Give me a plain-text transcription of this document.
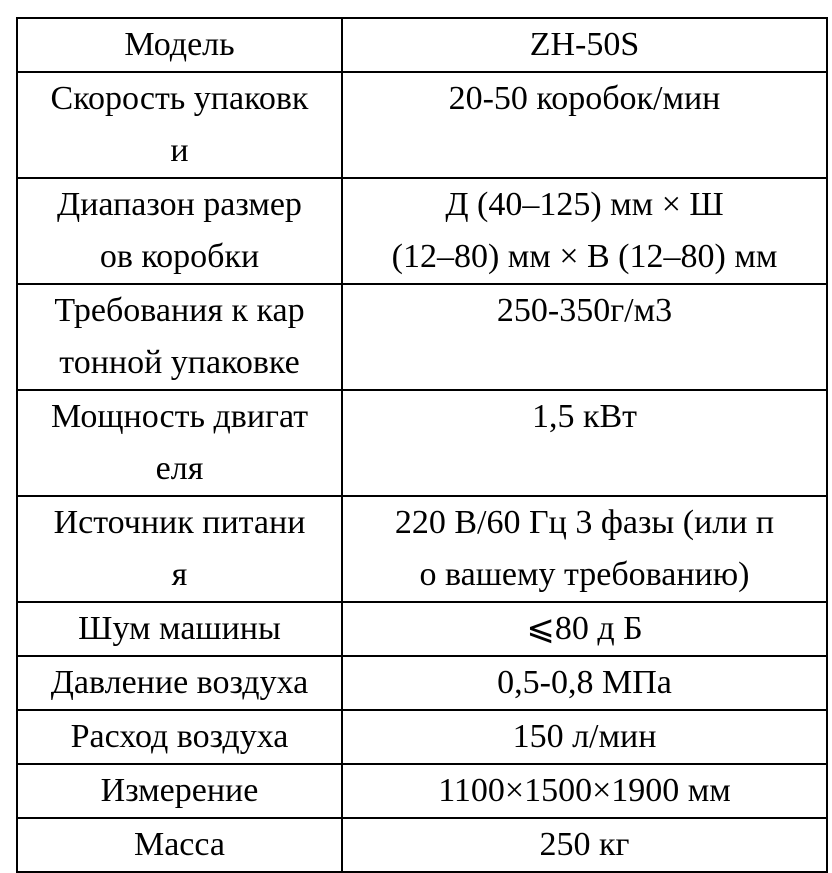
Модель	ZH-50S

Скорость упаковк
и	20-50 коробок/мин

Диапазон размер
ов коробки	Д (40–125) мм × Ш
(12–80) мм × В (12–80) мм

Требования к кар
тонной упаковке	250-350г/м3

Мощность двигат
еля	1,5 кВт

Источник питани
я	220 В/60 Гц 3 фазы (или п
о вашему требованию)

Шум машины	⩽80 д Б

Давление воздуха	0,5-0,8 МПа

Расход воздуха	150 л/мин

Измерение	1100×1500×1900 мм

Масса	250 кг
